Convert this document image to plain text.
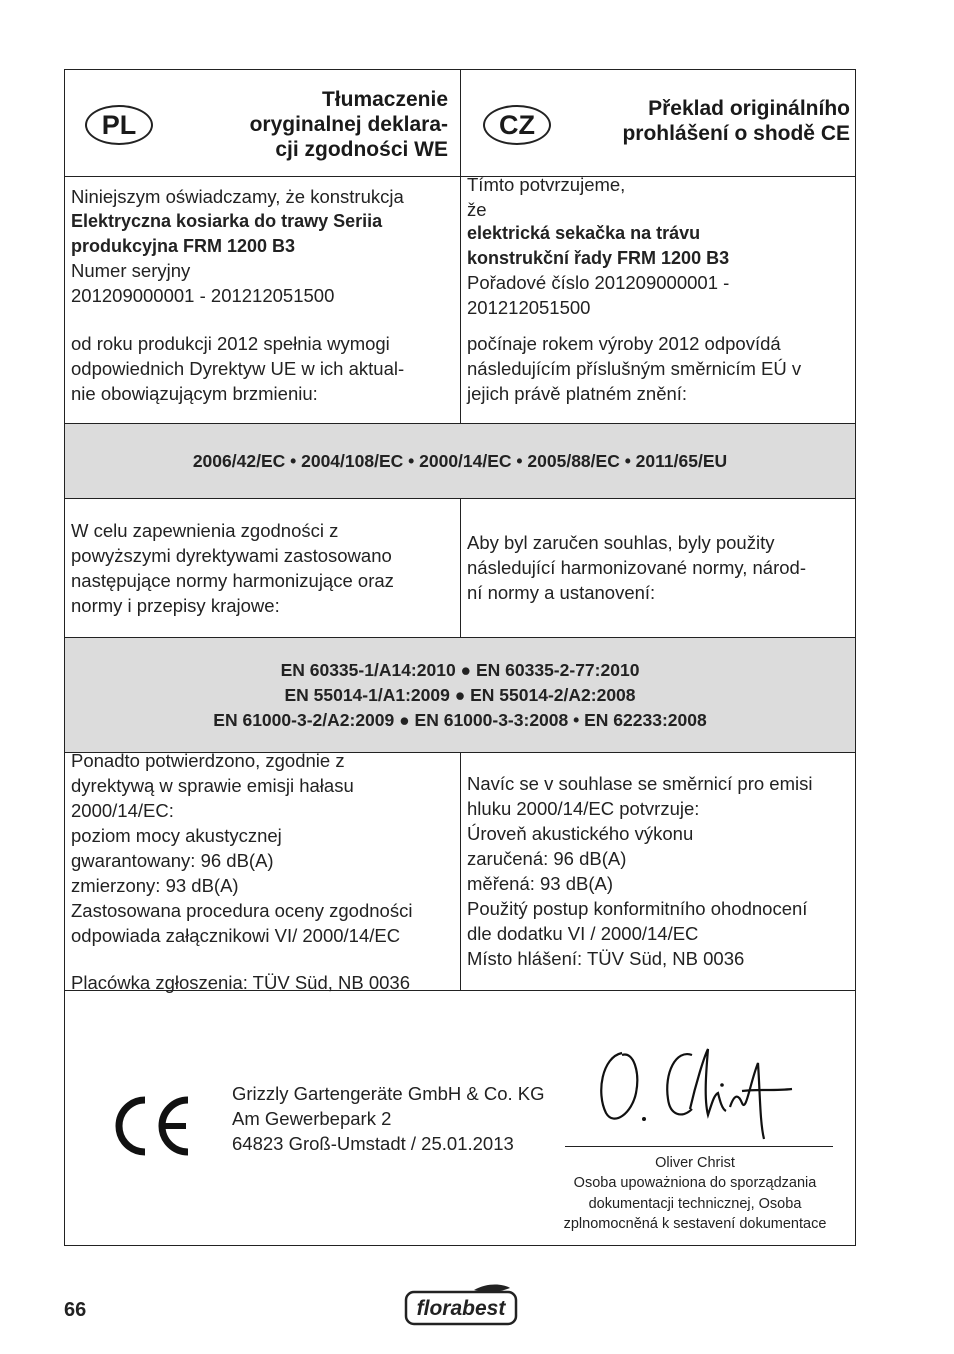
PL
Tłumaczenie
oryginalnej deklara-
cji zgodności WE
CZ
Překlad originálního
prohlášení o shodě CE
Niniejszym oświadczamy, że konstrukcja
Elektryczna kosiarka do trawy Seriia
produkcyjna FRM 1200 B3
Numer seryjny
201209000001 - 201212051500
od roku produkcji 2012 spełnia wymogi
odpowiednich Dyrektyw UE w ich aktual-
nie obowiązującym brzmieniu:
Tímto potvrzujeme,
že
elektrická sekačka na trávu
konstrukční řady FRM 1200 B3
Pořadové číslo 201209000001 -
201212051500
počínaje rokem výroby 2012 odpovídá
následujícím příslušným směrnicím EÚ v
jejich právě platném znění:
2006/42/EC • 2004/108/EC • 2000/14/EC • 2005/88/EC • 2011/65/EU
W celu zapewnienia zgodności z
powyższymi dyrektywami zastosowano
następujące normy harmonizujące oraz
normy i przepisy krajowe:
Aby byl zaručen souhlas, byly použity
následující harmonizované normy, národ-
ní normy a ustanovení:
EN 60335-1/A14:2010 ● EN 60335-2-77:2010
EN 55014-1/A1:2009 ● EN 55014-2/A2:2008
EN 61000-3-2/A2:2009 ● EN 61000-3-3:2008 • EN 62233:2008
Ponadto potwierdzono, zgodnie z
dyrektywą w sprawie emisji hałasu
2000/14/EC:
poziom mocy akustycznej
gwarantowany: 96 dB(A)
zmierzony: 93 dB(A)
Zastosowana procedura oceny zgodności
odpowiada załącznikowi VI/ 2000/14/EC
Placówka zgłoszenia: TÜV Süd, NB 0036
Navíc se v souhlase se směrnicí pro emisi
hluku 2000/14/EC potvrzuje:
Úroveň akustického výkonu
zaručená: 96 dB(A)
měřená: 93 dB(A)
Použitý postup konformitního ohodnocení
dle dodatku VI / 2000/14/EC
Místo hlášení: TÜV Süd, NB 0036
Grizzly Gartengeräte GmbH & Co. KG
Am Gewerbepark 2
64823 Groß-Umstadt / 25.01.2013
Oliver Christ
Osoba upoważniona do sporządzania
dokumentacji technicznej, Osoba
zplnomocněná k sestavení dokumentace
66	florabest
